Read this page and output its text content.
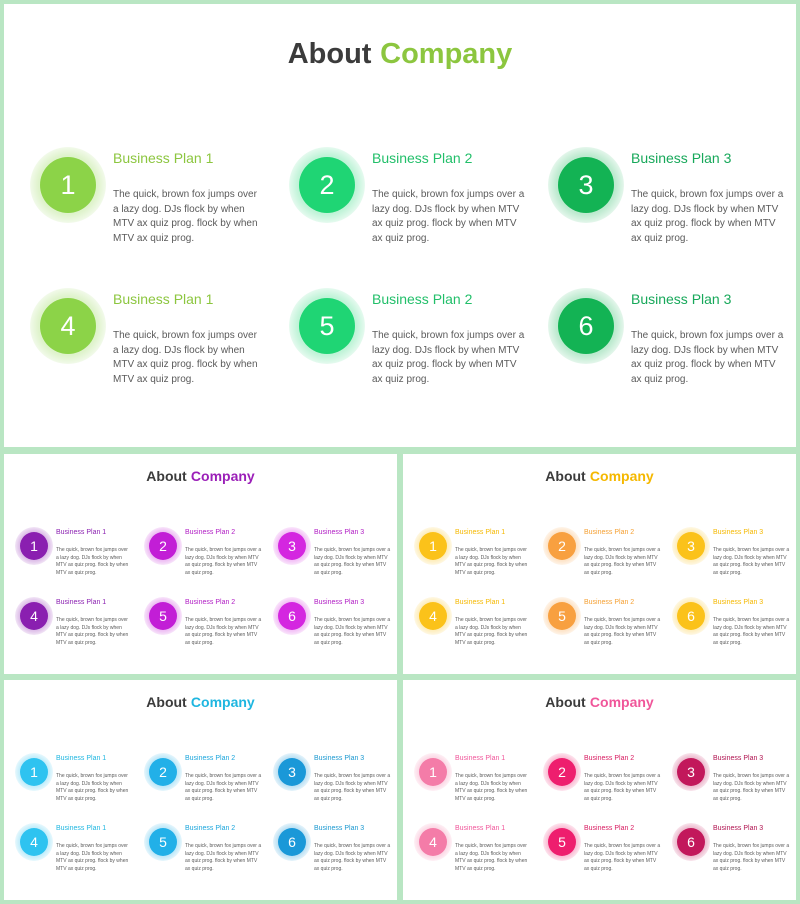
About Company
1
Business Plan 1
The quick, brown fox jumps over
a lazy dog. DJs flock by when
MTV ax quiz prog. flock by when
MTV ax quiz prog.
2
Business Plan 2
The quick, brown fox jumps over a
lazy dog. DJs flock by when MTV
ax quiz prog. flock by when MTV
ax quiz prog.
3
Business Plan 3
The quick, brown fox jumps over a
lazy dog. DJs flock by when MTV
ax quiz prog. flock by when MTV
ax quiz prog.
4
Business Plan 1
The quick, brown fox jumps over
a lazy dog. DJs flock by when
MTV ax quiz prog. flock by when
MTV ax quiz prog.
5
Business Plan 2
The quick, brown fox jumps over a
lazy dog. DJs flock by when MTV
ax quiz prog. flock by when MTV
ax quiz prog.
6
Business Plan 3
The quick, brown fox jumps over a
lazy dog. DJs flock by when MTV
ax quiz prog. flock by when MTV
ax quiz prog.
About Company
1
Business Plan 1
The quick, brown fox jumps over
a lazy dog. DJs flock by when
MTV ax quiz prog. flock by when
MTV ax quiz prog.
2
Business Plan 2
The quick, brown fox jumps over a
lazy dog. DJs flock by when MTV
ax quiz prog. flock by when MTV
ax quiz prog.
3
Business Plan 3
The quick, brown fox jumps over a
lazy dog. DJs flock by when MTV
ax quiz prog. flock by when MTV
ax quiz prog.
4
Business Plan 1
The quick, brown fox jumps over
a lazy dog. DJs flock by when
MTV ax quiz prog. flock by when
MTV ax quiz prog.
5
Business Plan 2
The quick, brown fox jumps over a
lazy dog. DJs flock by when MTV
ax quiz prog. flock by when MTV
ax quiz prog.
6
Business Plan 3
The quick, brown fox jumps over a
lazy dog. DJs flock by when MTV
ax quiz prog. flock by when MTV
ax quiz prog.
About Company
1
Business Plan 1
The quick, brown fox jumps over
a lazy dog. DJs flock by when
MTV ax quiz prog. flock by when
MTV ax quiz prog.
2
Business Plan 2
The quick, brown fox jumps over a
lazy dog. DJs flock by when MTV
ax quiz prog. flock by when MTV
ax quiz prog.
3
Business Plan 3
The quick, brown fox jumps over a
lazy dog. DJs flock by when MTV
ax quiz prog. flock by when MTV
ax quiz prog.
4
Business Plan 1
The quick, brown fox jumps over
a lazy dog. DJs flock by when
MTV ax quiz prog. flock by when
MTV ax quiz prog.
5
Business Plan 2
The quick, brown fox jumps over a
lazy dog. DJs flock by when MTV
ax quiz prog. flock by when MTV
ax quiz prog.
6
Business Plan 3
The quick, brown fox jumps over a
lazy dog. DJs flock by when MTV
ax quiz prog. flock by when MTV
ax quiz prog.
About Company
1
Business Plan 1
The quick, brown fox jumps over
a lazy dog. DJs flock by when
MTV ax quiz prog. flock by when
MTV ax quiz prog.
2
Business Plan 2
The quick, brown fox jumps over a
lazy dog. DJs flock by when MTV
ax quiz prog. flock by when MTV
ax quiz prog.
3
Business Plan 3
The quick, brown fox jumps over a
lazy dog. DJs flock by when MTV
ax quiz prog. flock by when MTV
ax quiz prog.
4
Business Plan 1
The quick, brown fox jumps over
a lazy dog. DJs flock by when
MTV ax quiz prog. flock by when
MTV ax quiz prog.
5
Business Plan 2
The quick, brown fox jumps over a
lazy dog. DJs flock by when MTV
ax quiz prog. flock by when MTV
ax quiz prog.
6
Business Plan 3
The quick, brown fox jumps over a
lazy dog. DJs flock by when MTV
ax quiz prog. flock by when MTV
ax quiz prog.
About Company
1
Business Plan 1
The quick, brown fox jumps over
a lazy dog. DJs flock by when
MTV ax quiz prog. flock by when
MTV ax quiz prog.
2
Business Plan 2
The quick, brown fox jumps over a
lazy dog. DJs flock by when MTV
ax quiz prog. flock by when MTV
ax quiz prog.
3
Business Plan 3
The quick, brown fox jumps over a
lazy dog. DJs flock by when MTV
ax quiz prog. flock by when MTV
ax quiz prog.
4
Business Plan 1
The quick, brown fox jumps over
a lazy dog. DJs flock by when
MTV ax quiz prog. flock by when
MTV ax quiz prog.
5
Business Plan 2
The quick, brown fox jumps over a
lazy dog. DJs flock by when MTV
ax quiz prog. flock by when MTV
ax quiz prog.
6
Business Plan 3
The quick, brown fox jumps over a
lazy dog. DJs flock by when MTV
ax quiz prog. flock by when MTV
ax quiz prog.
